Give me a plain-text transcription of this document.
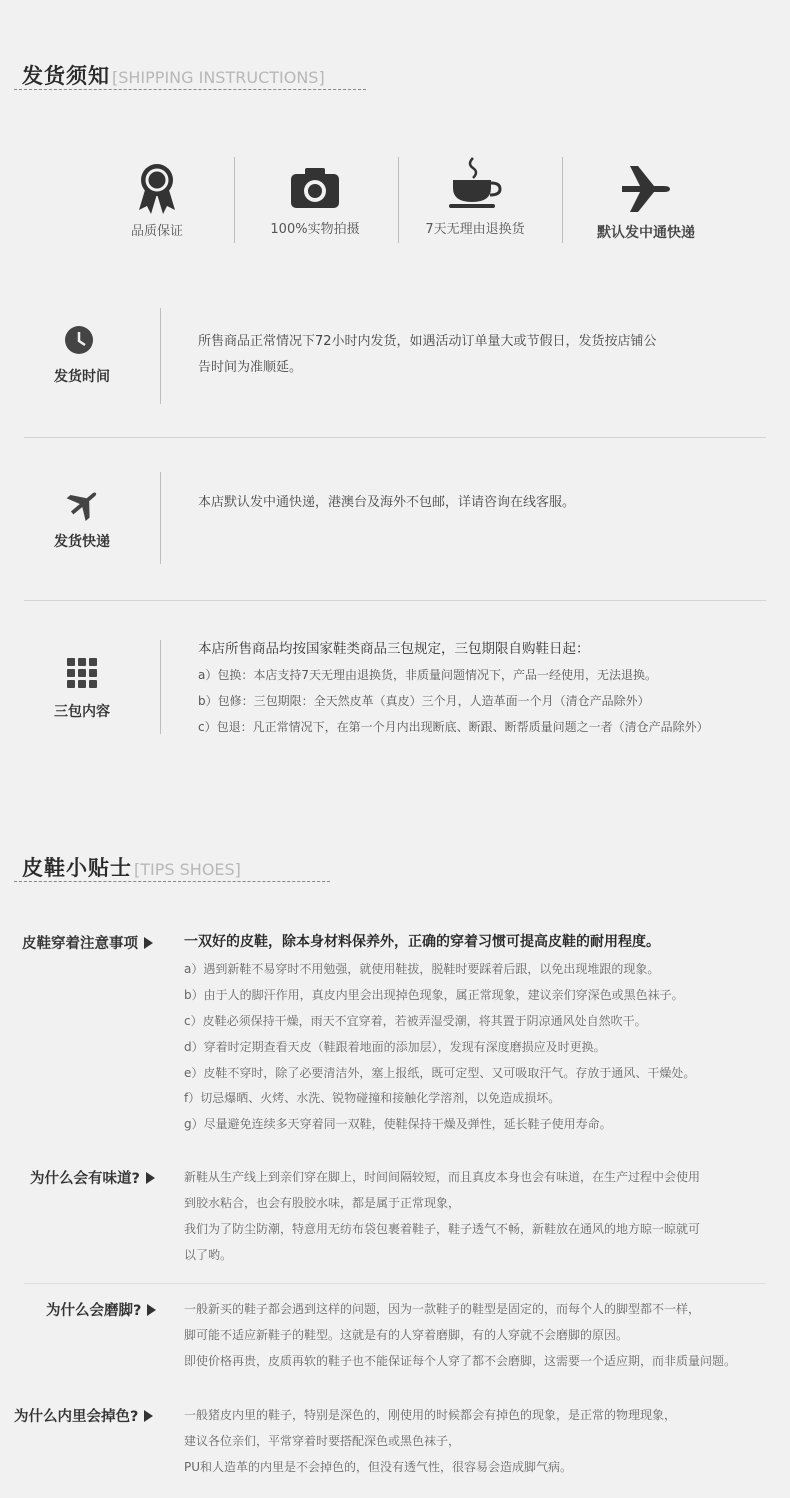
发货须知 [SHIPPING INSTRUCTIONS]
品质保证	100%实物拍摄	7天无理由退换货	默认发中通快递
发货时间
所售商品正常情况下72小时内发货，如遇活动订单量大或节假日，发货按店铺公
告时间为准顺延。
发货快递
本店默认发中通快递，港澳台及海外不包邮，详请咨询在线客服。
三包内容
本店所售商品均按国家鞋类商品三包规定，三包期限自购鞋日起：
a）包换：本店支持7天无理由退换货，非质量问题情况下，产品一经使用，无法退换。
b）包修：三包期限：全天然皮革（真皮）三个月，人造革面一个月（清仓产品除外）
c）包退：凡正常情况下，在第一个月内出现断底、断跟、断帮质量问题之一者（清仓产品除外）
皮鞋小贴士 [TIPS SHOES]
皮鞋穿着注意事项	一双好的皮鞋，除本身材料保养外，正确的穿着习惯可提高皮鞋的耐用程度。
a）遇到新鞋不易穿时不用勉强，就使用鞋拔，脱鞋时要踩着后跟，以免出现堆跟的现象。
b）由于人的脚汗作用，真皮内里会出现掉色现象，属正常现象，建议亲们穿深色或黑色袜子。
c）皮鞋必须保持干燥，雨天不宜穿着，若被弄湿受潮，将其置于阴凉通风处自然吹干。
d）穿着时定期查看天皮（鞋跟着地面的添加层），发现有深度磨损应及时更换。
e）皮鞋不穿时，除了必要清洁外，塞上报纸，既可定型、又可吸取汗气。存放于通风、干燥处。
f）切忌爆晒、火烤、水洗、锐物碰撞和接触化学溶剂，以免造成损坏。
g）尽量避免连续多天穿着同一双鞋，使鞋保持干燥及弹性，延长鞋子使用寿命。
为什么会有味道?	新鞋从生产线上到亲们穿在脚上，时间间隔较短，而且真皮本身也会有味道，在生产过程中会使用
到胶水粘合，也会有股胶水味，都是属于正常现象，
我们为了防尘防潮，特意用无纺布袋包裹着鞋子，鞋子透气不畅，新鞋放在通风的地方晾一晾就可
以了哟。
为什么会磨脚?	一般新买的鞋子都会遇到这样的问题，因为一款鞋子的鞋型是固定的，而每个人的脚型都不一样，
脚可能不适应新鞋子的鞋型。这就是有的人穿着磨脚，有的人穿就不会磨脚的原因。
即使价格再贵，皮质再软的鞋子也不能保证每个人穿了都不会磨脚，这需要一个适应期，而非质量问题。
为什么内里会掉色?	一般猪皮内里的鞋子，特别是深色的，刚使用的时候都会有掉色的现象，是正常的物理现象，
建议各位亲们，平常穿着时要搭配深色或黑色袜子，
PU和人造革的内里是不会掉色的，但没有透气性，很容易会造成脚气病。
